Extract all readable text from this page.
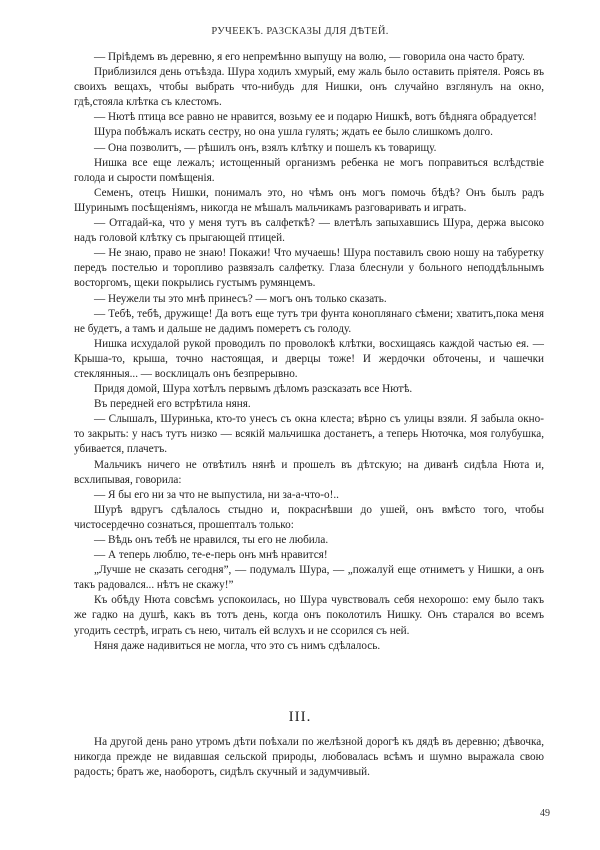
РУЧЕЕКЪ. РАЗСКАЗЫ ДЛЯ ДѢТЕЙ.

— Пріѣдемъ въ деревню, я его непремѣнно выпущу на волю, — говорила она часто брату.

Приблизился день отъѣзда. Шура ходилъ хмурый, ему жаль было оставить пріятеля. Роясь въ своихъ вещахъ, чтобы выбрать что-нибудь для Нишки, онъ случайно взглянулъ на окно, гдѣ,стояла клѣтка съ клестомъ.

— Нютѣ птица все равно не нравится, возьму ее и подарю Нишкѣ, вотъ бѣдняга обрадуется!

Шура побѣжалъ искать сестру, но она ушла гулять; ждать ее было слишкомъ долго.

— Она позволитъ, — рѣшилъ онъ, взялъ клѣтку и пошелъ къ товарищу.

Нишка все еще лежалъ; истощенный организмъ ребенка не могъ поправиться вслѣдствіе голода и сырости помѣщенія.

Семенъ, отецъ Нишки, понималъ это, но чѣмъ онъ могъ помочь бѣдѣ? Онъ былъ радъ Шуринымъ посѣщеніямъ, никогда не мѣшалъ мальчикамъ разговаривать и играть.

— Отгадай-ка, что у меня тутъ въ салфеткѣ? — влетѣлъ запыхавшись Шура, держа высоко надъ головой клѣтку съ прыгающей птицей.

— Не знаю, право не знаю! Покажи! Что мучаешь! Шура поставилъ свою ношу на табуретку передъ постелью и торопливо развязалъ салфетку. Глаза блеснули у больного неподдѣльнымъ восторгомъ, щеки покрылись густымъ румянцемъ.

— Неужели ты это мнѣ принесъ? — могъ онъ только сказать.

— Тебѣ, тебѣ, дружище! Да вотъ еще тутъ три фунта коноплянаго сѣмени; хватитъ,пока меня не будетъ, а тамъ и дальше не дадимъ померетъ съ голоду.

Нишка исхудалой рукой проводилъ по проволокѣ клѣтки, восхищаясь каждой частью ея. — Крыша-то, крыша, точно настоящая, и дверцы тоже! И жердочки обточены, и чашечки стеклянныя... — восклицалъ онъ безпрерывно.

Придя домой, Шура хотѣлъ первымъ дѣломъ разсказать все Нютѣ.

Въ передней его встрѣтила няня.

— Слышалъ, Шуринька, кто-то унесъ съ окна клеста; вѣрно съ улицы взяли. Я забыла окно-то закрыть: у насъ тутъ низко — всякій мальчишка достанетъ, а теперь Нюточка, моя голубушка, убивается, плачетъ.

Мальчикъ ничего не отвѣтилъ нянѣ и прошелъ въ дѣтскую; на диванѣ сидѣла Нюта и, всхлипывая, говорила:

— Я бы его ни за что не выпустила, ни за-а-что-о!..

Шурѣ вдругъ сдѣлалось стыдно и, покраснѣвши до ушей, онъ вмѣсто того, чтобы чистосердечно сознаться, прошепталъ только:

— Вѣдь онъ тебѣ не нравился, ты его не любила.

— А теперь люблю, те-е-перь онъ мнѣ нравится!

„Лучше не сказать сегодня”, — подумалъ Шура, — „пожалуй еще отниметъ у Нишки, а онъ такъ радовался... нѣтъ не скажу!”

Къ обѣду Нюта совсѣмъ успокоилась, но Шура чувствовалъ себя нехорошо: ему было такъ же гадко на душѣ, какъ въ тотъ день, когда онъ поколотилъ Нишку. Онъ старался во всемъ угодить сестрѣ, играть съ нею, читалъ ей вслухъ и не ссорился съ ней.

Няня даже надивиться не могла, что это съ нимъ сдѣлалось.

III.

На другой день рано утромъ дѣти поѣхали по желѣзной дорогѣ къ дядѣ въ деревню; дѣвочка, никогда прежде не видавшая сельской природы, любовалась всѣмъ и шумно выражала свою радость; братъ же, наоборотъ, сидѣлъ скучный и задумчивый.

49
